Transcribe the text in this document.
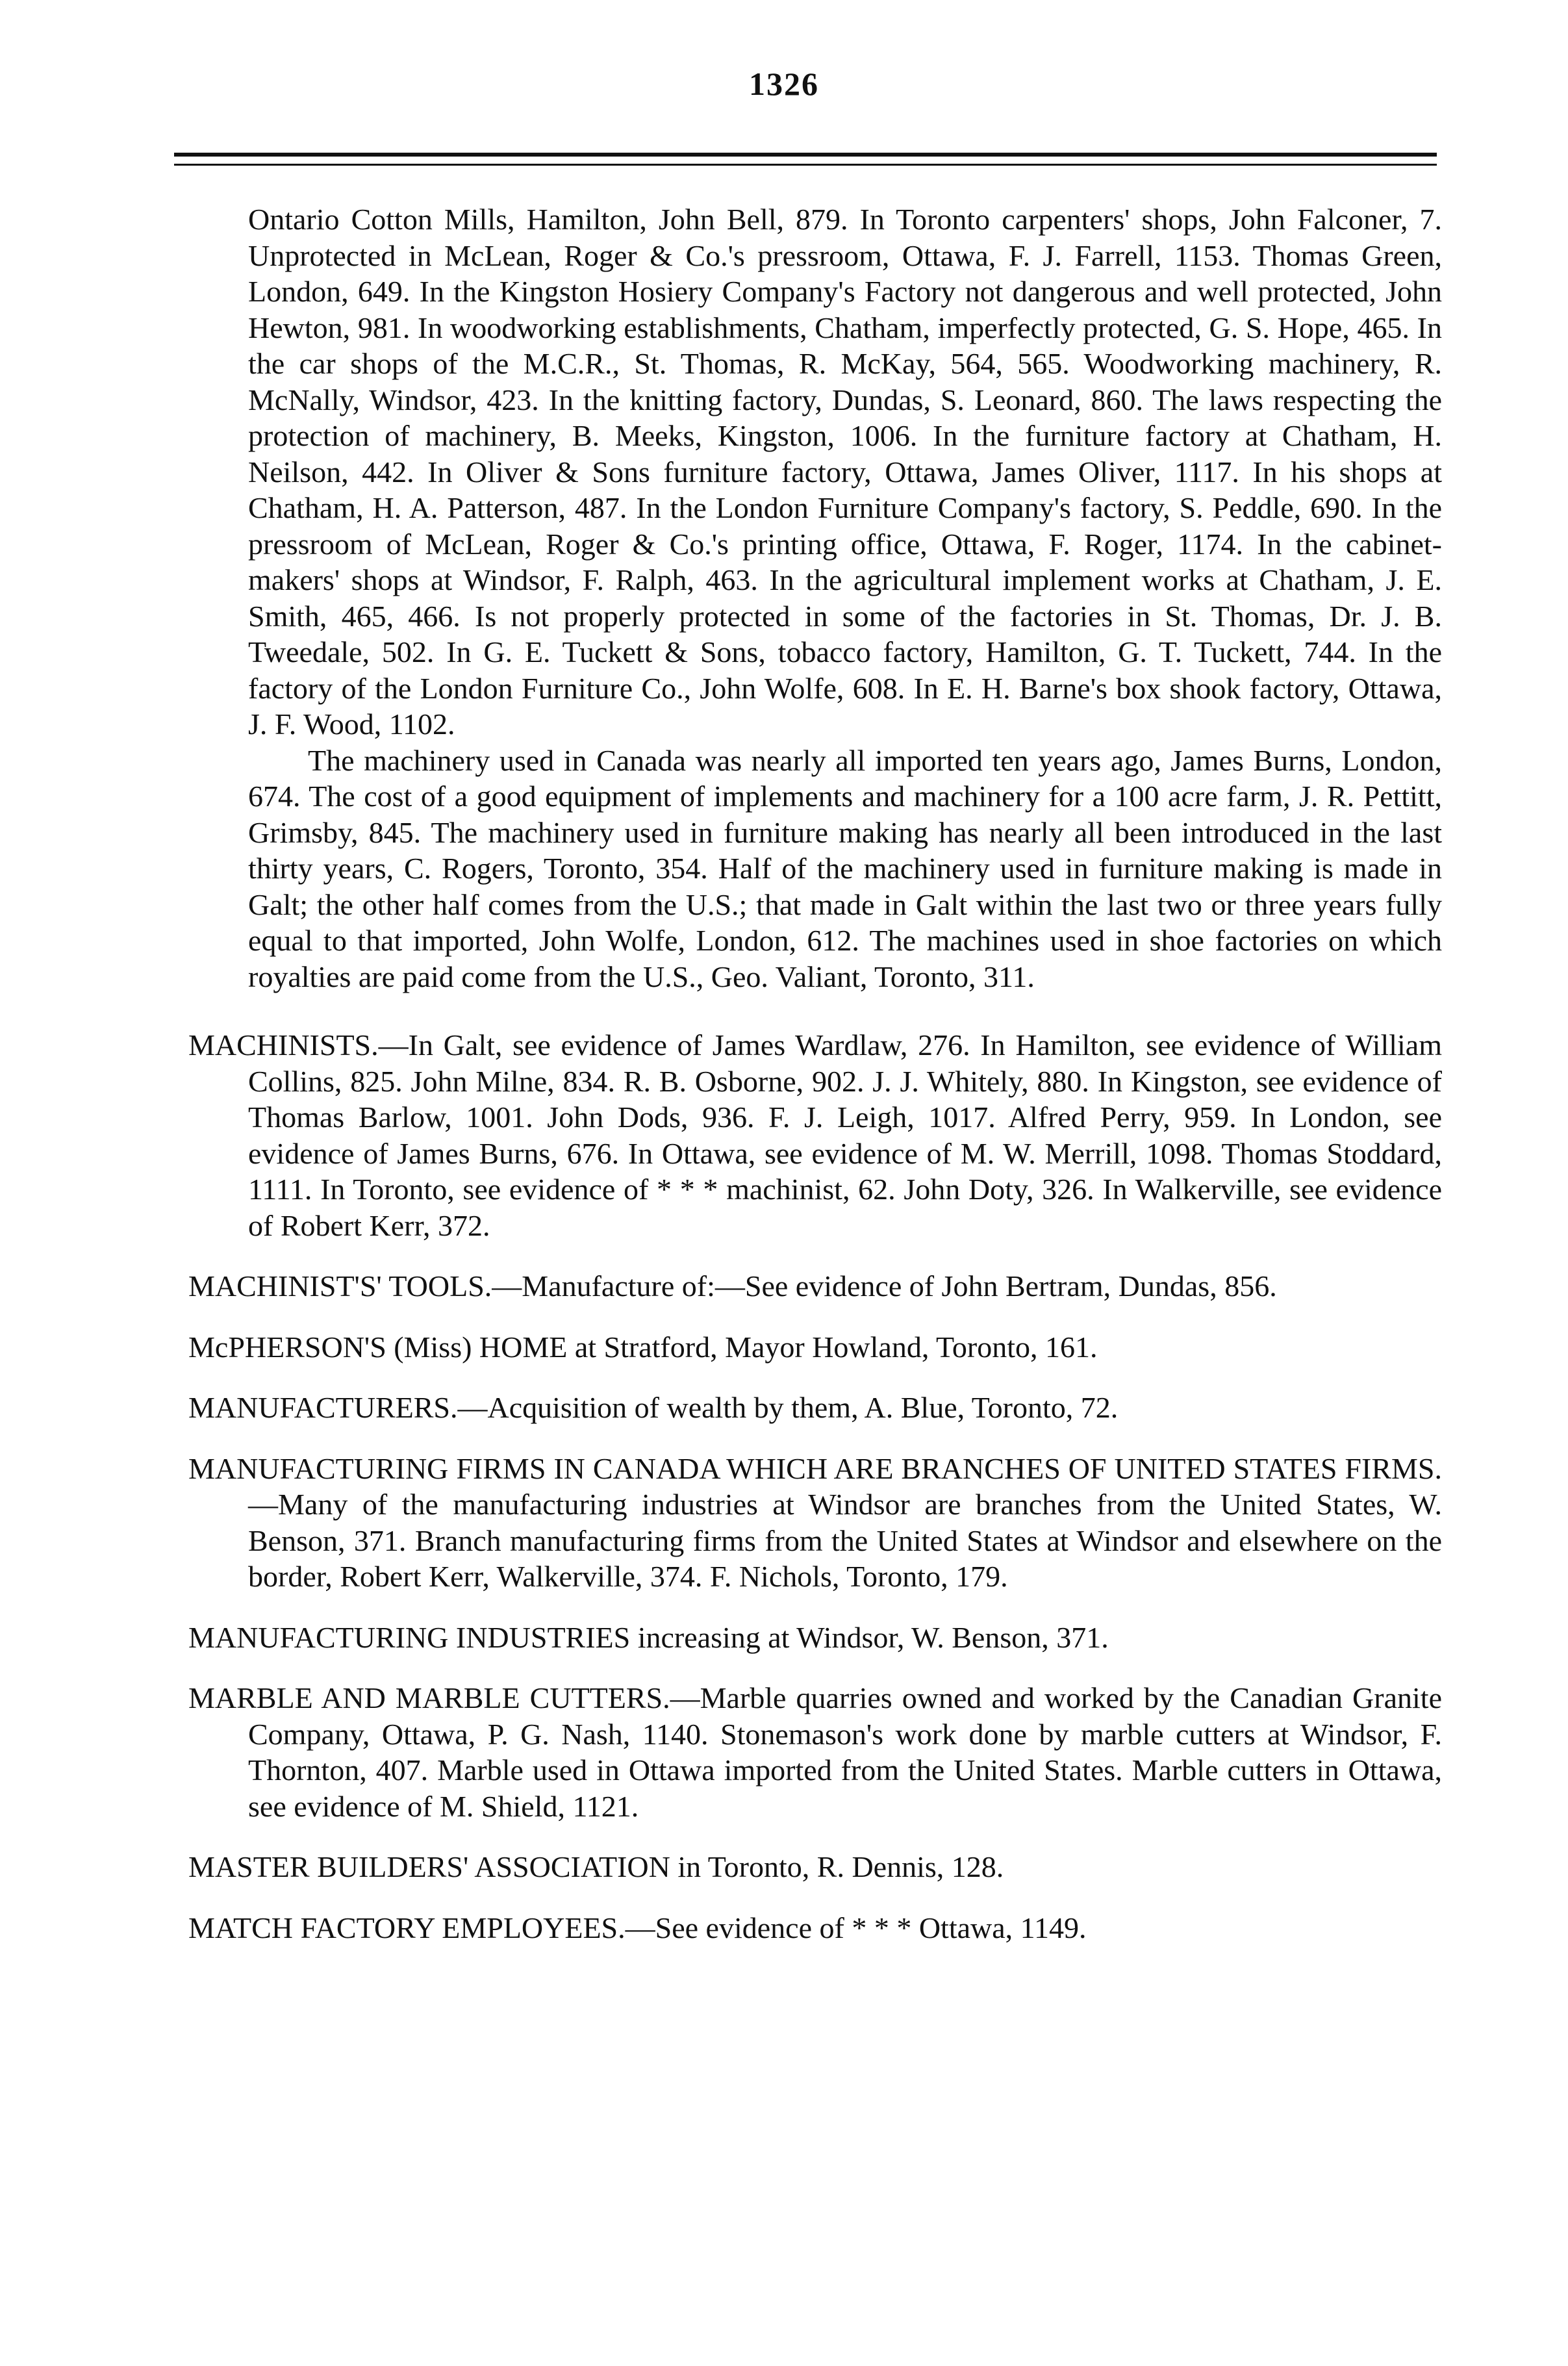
1326

Ontario Cotton Mills, Hamilton, John Bell, 879. In Toronto carpenters' shops, John Falconer, 7. Unprotected in McLean, Roger & Co.'s pressroom, Ottawa, F. J. Farrell, 1153. Thomas Green, London, 649. In the Kingston Hosiery Company's Factory not dangerous and well protected, John Hewton, 981. In woodworking establishments, Chatham, imperfectly protected, G. S. Hope, 465. In the car shops of the M.C.R., St. Thomas, R. McKay, 564, 565. Woodworking machinery, R. McNally, Windsor, 423. In the knitting factory, Dundas, S. Leonard, 860. The laws respecting the protection of machinery, B. Meeks, Kingston, 1006. In the furniture factory at Chatham, H. Neilson, 442. In Oliver & Sons furniture factory, Ottawa, James Oliver, 1117. In his shops at Chatham, H. A. Patterson, 487. In the London Furniture Company's factory, S. Peddle, 690. In the pressroom of McLean, Roger & Co.'s printing office, Ottawa, F. Roger, 1174. In the cabinet-makers' shops at Windsor, F. Ralph, 463. In the agricultural implement works at Chatham, J. E. Smith, 465, 466. Is not properly protected in some of the factories in St. Thomas, Dr. J. B. Tweedale, 502. In G. E. Tuckett & Sons, tobacco factory, Hamilton, G. T. Tuckett, 744. In the factory of the London Furniture Co., John Wolfe, 608. In E. H. Barne's box shook factory, Ottawa, J. F. Wood, 1102.

The machinery used in Canada was nearly all imported ten years ago, James Burns, London, 674. The cost of a good equipment of implements and machinery for a 100 acre farm, J. R. Pettitt, Grimsby, 845. The machinery used in furniture making has nearly all been introduced in the last thirty years, C. Rogers, Toronto, 354. Half of the machinery used in furniture making is made in Galt; the other half comes from the U.S.; that made in Galt within the last two or three years fully equal to that imported, John Wolfe, London, 612. The machines used in shoe factories on which royalties are paid come from the U.S., Geo. Valiant, Toronto, 311.

MACHINISTS.—In Galt, see evidence of James Wardlaw, 276. In Hamilton, see evidence of William Collins, 825. John Milne, 834. R. B. Osborne, 902. J. J. Whitely, 880. In Kingston, see evidence of Thomas Barlow, 1001. John Dods, 936. F. J. Leigh, 1017. Alfred Perry, 959. In London, see evidence of James Burns, 676. In Ottawa, see evidence of M. W. Merrill, 1098. Thomas Stoddard, 1111. In Toronto, see evidence of * * * machinist, 62. John Doty, 326. In Walkerville, see evidence of Robert Kerr, 372.

MACHINIST'S' TOOLS.—Manufacture of:—See evidence of John Bertram, Dundas, 856.

McPHERSON'S (Miss) HOME at Stratford, Mayor Howland, Toronto, 161.

MANUFACTURERS.—Acquisition of wealth by them, A. Blue, Toronto, 72.

MANUFACTURING FIRMS IN CANADA WHICH ARE BRANCHES OF UNITED STATES FIRMS.—Many of the manufacturing industries at Windsor are branches from the United States, W. Benson, 371. Branch manufacturing firms from the United States at Windsor and elsewhere on the border, Robert Kerr, Walkerville, 374. F. Nichols, Toronto, 179.

MANUFACTURING INDUSTRIES increasing at Windsor, W. Benson, 371.

MARBLE AND MARBLE CUTTERS.—Marble quarries owned and worked by the Canadian Granite Company, Ottawa, P. G. Nash, 1140. Stonemason's work done by marble cutters at Windsor, F. Thornton, 407. Marble used in Ottawa imported from the United States. Marble cutters in Ottawa, see evidence of M. Shield, 1121.

MASTER BUILDERS' ASSOCIATION in Toronto, R. Dennis, 128.

MATCH FACTORY EMPLOYEES.—See evidence of * * * Ottawa, 1149.
